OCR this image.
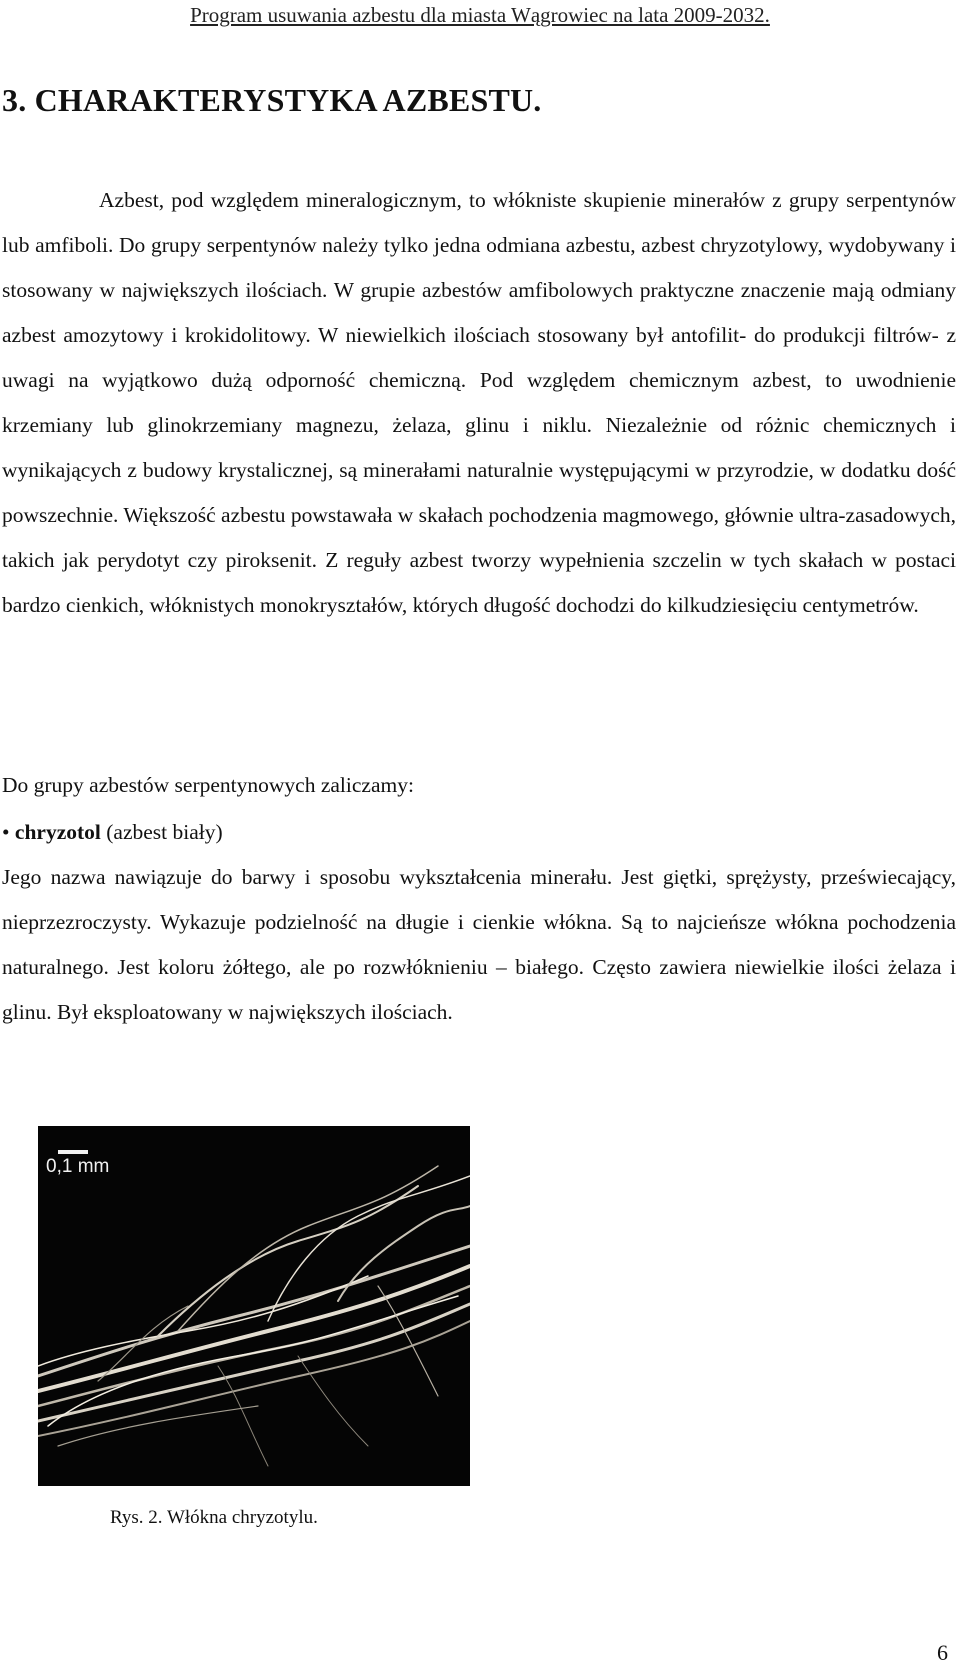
Program usuwania azbestu dla miasta Wągrowiec na lata 2009-2032.
3. CHARAKTERYSTYKA AZBESTU.

Azbest, pod względem mineralogicznym, to włókniste skupienie minerałów z grupy serpentynów lub amfiboli. Do grupy serpentynów należy tylko jedna odmiana azbestu, azbest chryzotylowy, wydobywany i stosowany w największych ilościach. W grupie azbestów amfibolowych praktyczne znaczenie mają odmiany azbest amozytowy i krokidolitowy. W niewielkich ilościach stosowany był antofilit- do produkcji filtrów- z uwagi na wyjątkowo dużą odporność chemiczną. Pod względem chemicznym azbest, to uwodnienie krzemiany lub glinokrzemiany magnezu, żelaza, glinu i niklu. Niezależnie od różnic chemicznych i wynikających z budowy krystalicznej, są minerałami naturalnie występującymi w przyrodzie, w dodatku dość powszechnie. Większość azbestu powstawała w skałach pochodzenia magmowego, głównie ultra-zasadowych, takich jak perydotyt czy piroksenit. Z reguły azbest tworzy wypełnienia szczelin w tych skałach w postaci bardzo cienkich, włóknistych monokryształów, których długość dochodzi do kilkudziesięciu centymetrów.

Do grupy azbestów serpentynowych zaliczamy:

• chryzotol (azbest biały)

Jego nazwa nawiązuje do barwy i sposobu wykształcenia minerału. Jest giętki, sprężysty, przeświecający, nieprzezroczysty. Wykazuje podzielność na długie i cienkie włókna. Są to najcieńsze włókna pochodzenia naturalnego. Jest koloru żółtego, ale po rozwłóknieniu – białego. Często zawiera niewielkie ilości żelaza i glinu. Był eksploatowany w największych ilościach.

0,1 mm
Rys. 2. Włókna chryzotylu.
6
